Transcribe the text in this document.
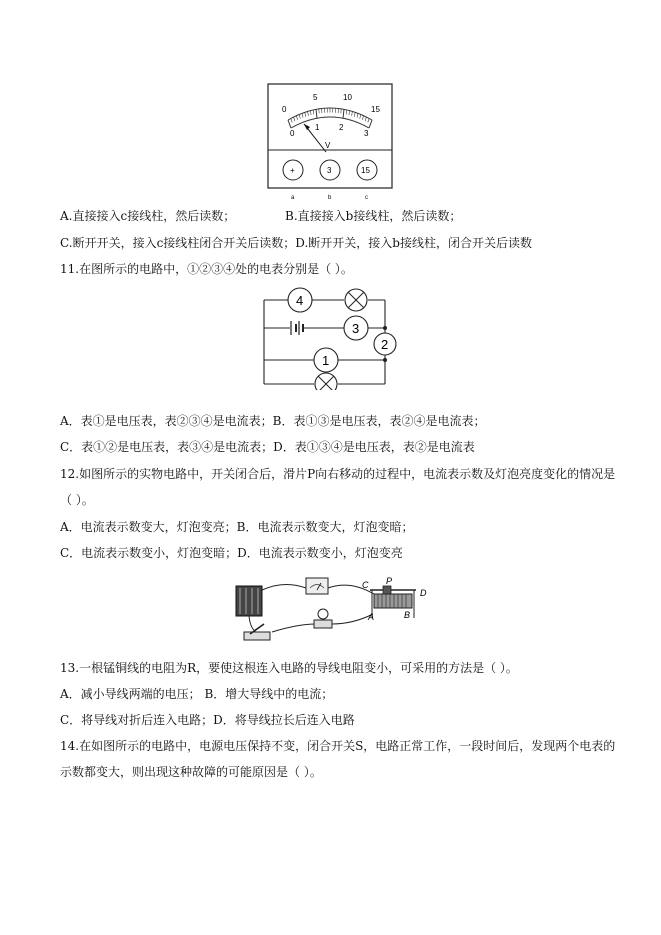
0
5	10
15
0
1 2
3
V
+	3	15
a	b	c
A.直接接入c接线柱，然后读数；	B.直接接入b接线柱，然后读数；
C.断开开关，接入c接线柱闭合开关后读数；D.断开开关，接入b接线柱，闭合开关后读数
11.在图所示的电路中，①②③④处的电表分别是（ ）。
4
3
2
1
A．表①是电压表，表②③④是电流表；B．表①③是电压表，表②④是电流表；
C．表①②是电压表，表③④是电流表；D．表①③④是电压表，表②是电流表
12.如图所示的实物电路中，开关闭合后，滑片P向右移动的过程中，电流表示数及灯泡亮度变化的情况是
（ ）。
A．电流表示数变大，灯泡变亮；B．电流表示数变大，灯泡变暗；
C．电流表示数变小，灯泡变暗；D．电流表示数变小，灯泡变亮
C P
D
A	B
13.一根锰铜线的电阻为R，要使这根连入电路的导线电阻变小，可采用的方法是（ ）。
A．减小导线两端的电压； B．增大导线中的电流；
C．将导线对折后连入电路；D．将导线拉长后连入电路
14.在如图所示的电路中，电源电压保持不变，闭合开关S，电路正常工作，一段时间后，发现两个电表的
示数都变大，则出现这种故障的可能原因是（ ）。
